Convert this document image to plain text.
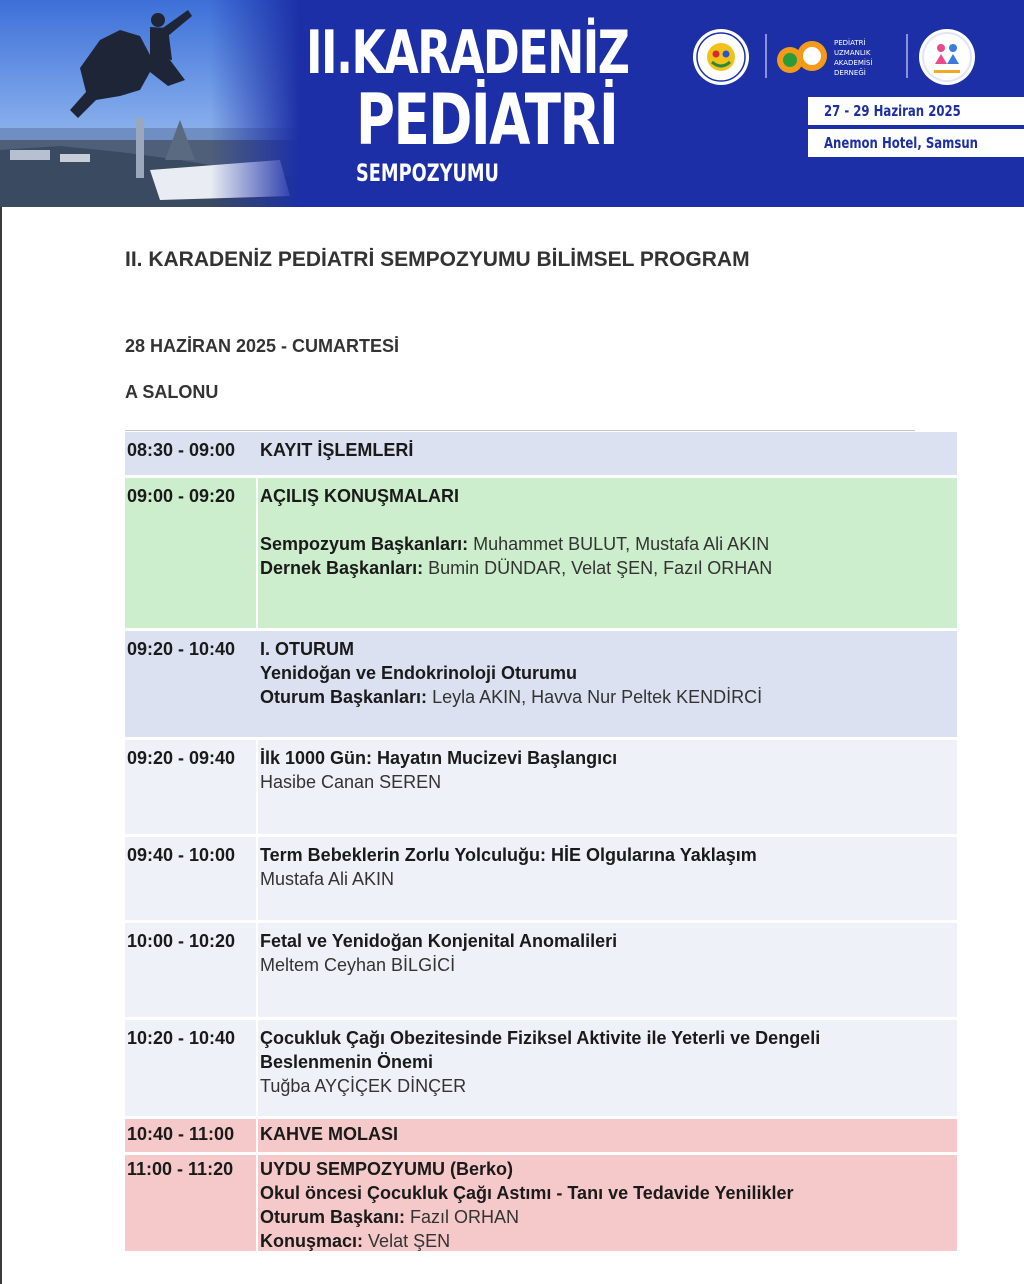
II.KARADENİZ
PEDİATRİ
SEMPOZYUMU
PEDİATRİ
UZMANLIK
AKADEMİSİ
DERNEĞİ
27 - 29 Haziran 2025
Anemon Hotel, Samsun
II. KARADENİZ PEDİATRİ SEMPOZYUMU BİLİMSEL PROGRAM
28 HAZİRAN 2025 - CUMARTESİ
A SALONU
08:30 - 09:00	KAYIT İŞLEMLERİ
09:00 - 09:20	AÇILIŞ KONUŞMALARI
Sempozyum Başkanları: Muhammet BULUT, Mustafa Ali AKIN
Dernek Başkanları: Bumin DÜNDAR, Velat ŞEN, Fazıl ORHAN
09:20 - 10:40	I. OTURUM
Yenidoğan ve Endokrinoloji Oturumu
Oturum Başkanları: Leyla AKIN, Havva Nur Peltek KENDİRCİ
09:20 - 09:40	İlk 1000 Gün: Hayatın Mucizevi Başlangıcı
Hasibe Canan SEREN
09:40 - 10:00	Term Bebeklerin Zorlu Yolculuğu: HİE Olgularına Yaklaşım
Mustafa Ali AKIN
10:00 - 10:20	Fetal ve Yenidoğan Konjenital Anomalileri
Meltem Ceyhan BİLGİCİ
10:20 - 10:40	Çocukluk Çağı Obezitesinde Fiziksel Aktivite ile Yeterli ve Dengeli
Beslenmenin Önemi
Tuğba AYÇİÇEK DİNÇER
10:40 - 11:00	KAHVE MOLASI
11:00 - 11:20	UYDU SEMPOZYUMU (Berko)
Okul öncesi Çocukluk Çağı Astımı - Tanı ve Tedavide Yenilikler
Oturum Başkanı: Fazıl ORHAN
Konuşmacı: Velat ŞEN
